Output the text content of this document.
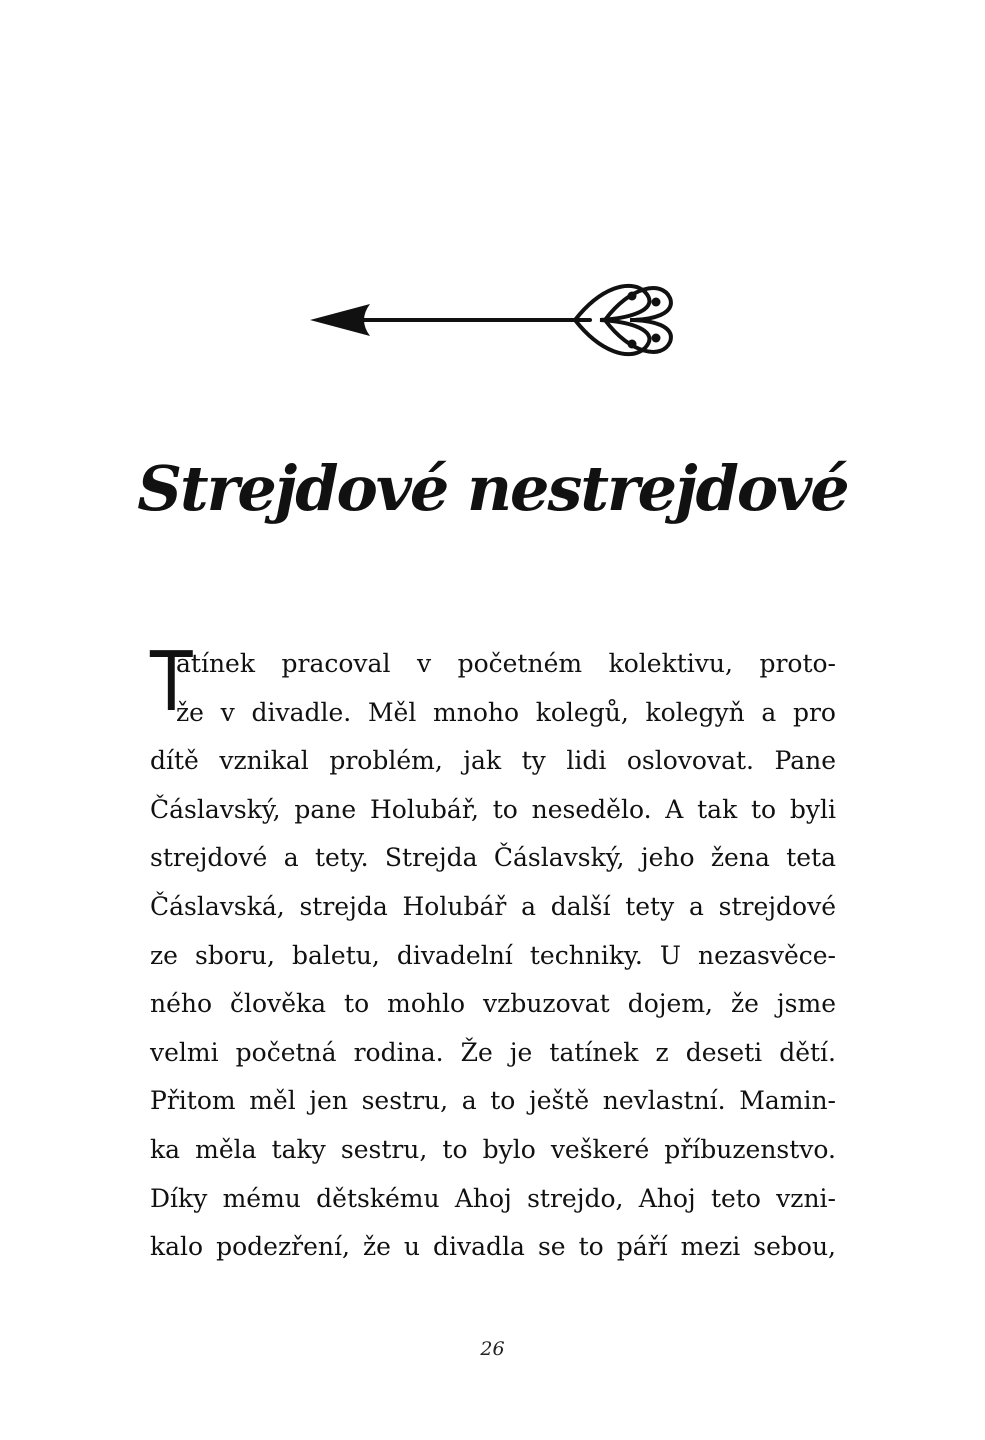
Strejdové nestrejdové
T
atínek pracoval v početném kolektivu, proto-
že v divadle. Měl mnoho kolegů, kolegyň a pro
dítě vznikal problém, jak ty lidi oslovovat. Pane
Čáslavský, pane Holubář, to nesedělo. A tak to byli
strejdové a tety. Strejda Čáslavský, jeho žena teta
Čáslavská, strejda Holubář a další tety a strejdové
ze sboru, baletu, divadelní techniky. U nezasvěce-
ného člověka to mohlo vzbuzovat dojem, že jsme
velmi početná rodina. Že je tatínek z deseti dětí.
Přitom měl jen sestru, a to ještě nevlastní. Mamin-
ka měla taky sestru, to bylo veškeré příbuzenstvo.
Díky mému dětskému Ahoj strejdo, Ahoj teto vzni-
kalo podezření, že u divadla se to páří mezi sebou,
26
